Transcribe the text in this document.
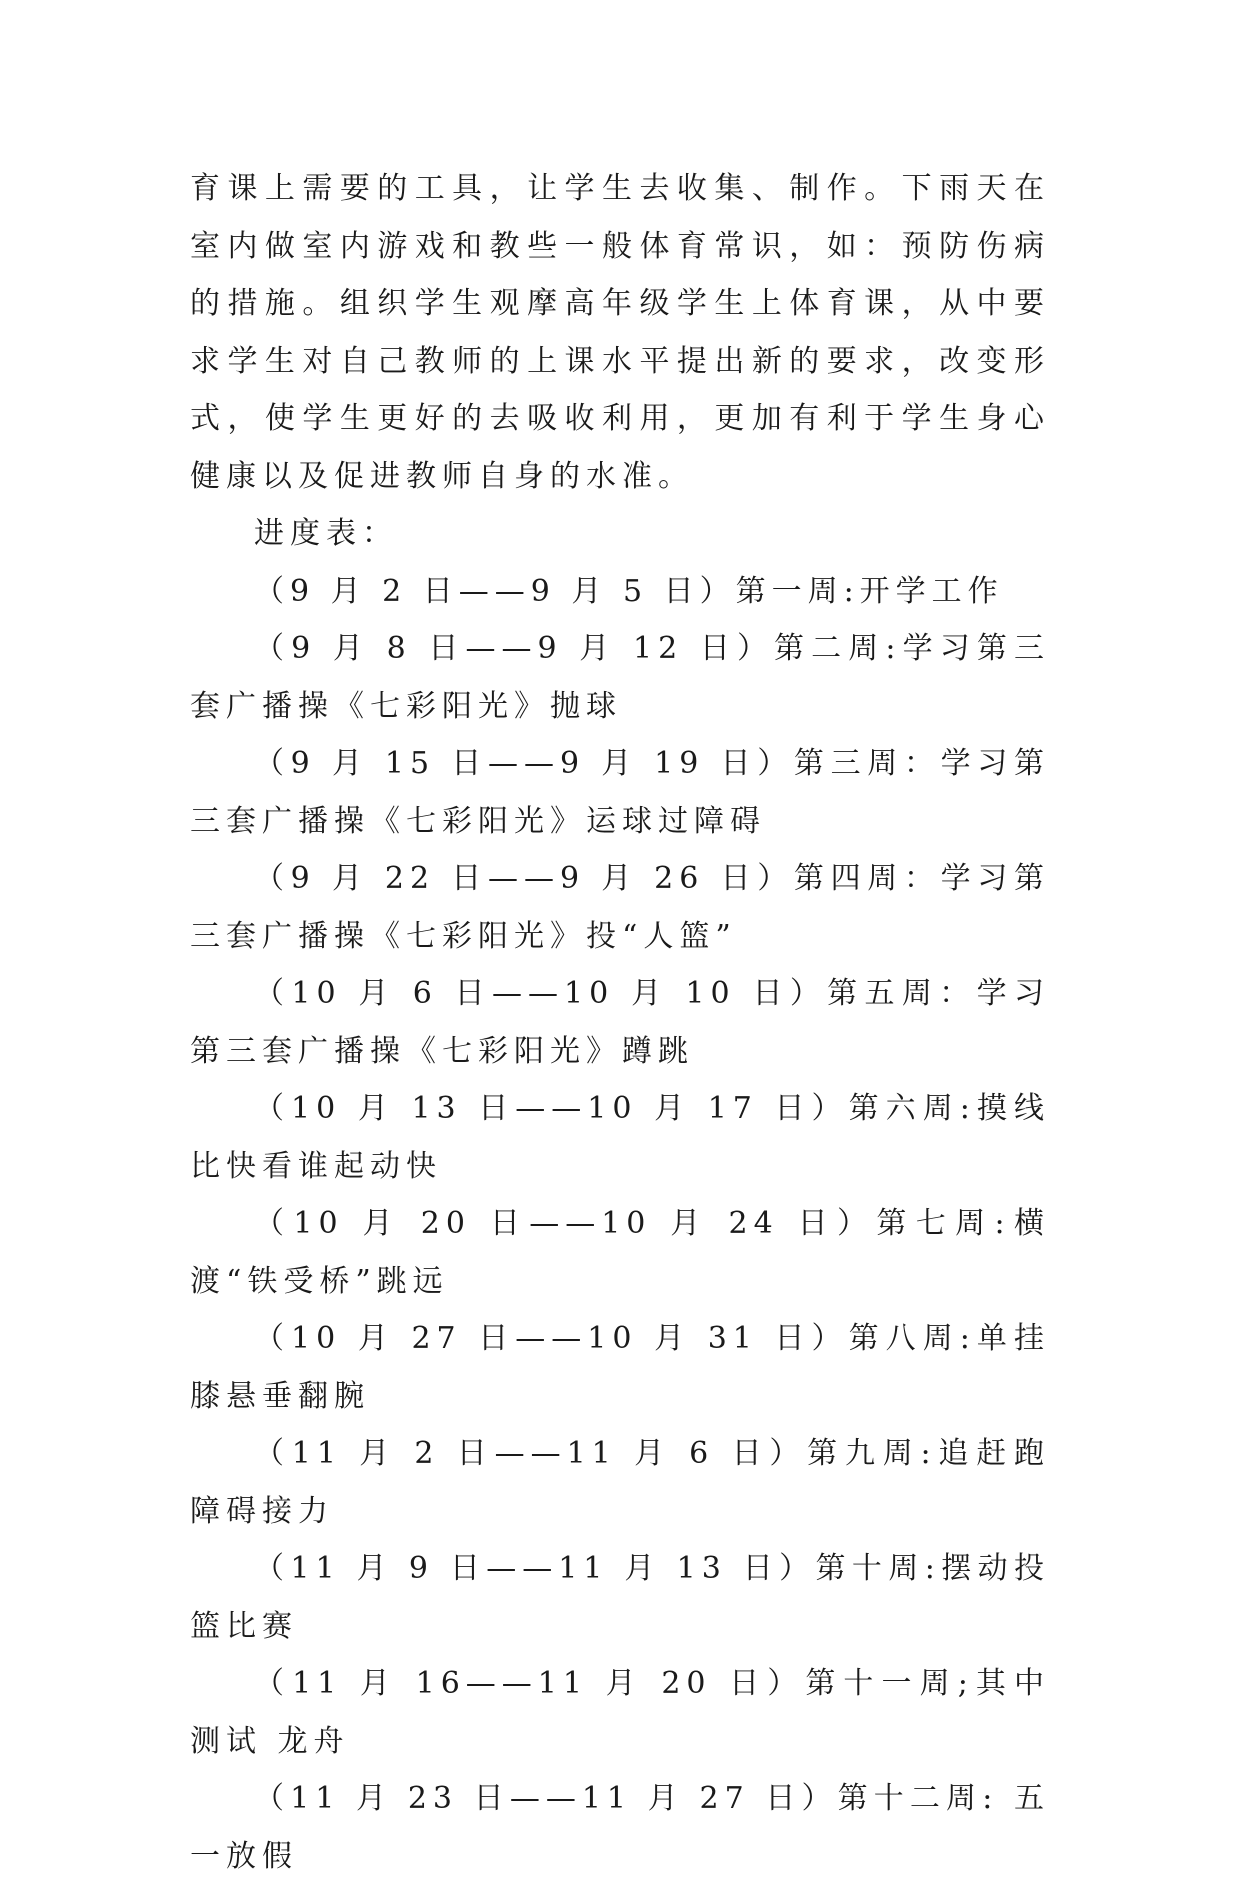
育课上需要的工具，让学生去收集、制作。下雨天在室内做室内游戏和教些一般体育常识，如：预防伤病的措施。组织学生观摩高年级学生上体育课，从中要求学生对自己教师的上课水平提出新的要求，改变形式，使学生更好的去吸收利用，更加有利于学生身心健康以及促进教师自身的水准。

进度表：

（9 月 2 日——9 月 5 日）第一周:开学工作

（9 月 8 日——9 月 12 日）第二周:学习第三套广播操《七彩阳光》抛球

（9 月 15 日——9 月 19 日）第三周：学习第三套广播操《七彩阳光》运球过障碍

（9 月 22 日——9 月 26 日）第四周：学习第三套广播操《七彩阳光》投“人篮”

（10 月 6 日——10 月 10 日）第五周：学习第三套广播操《七彩阳光》蹲跳

（10 月 13 日——10 月 17 日）第六周:摸线比快看谁起动快

（10 月 20 日——10 月 24 日）第七周:横渡“铁受桥”跳远

（10 月 27 日——10 月 31 日）第八周:单挂膝悬垂翻腕

（11 月 2 日——11 月 6 日）第九周:追赶跑障碍接力

（11 月 9 日——11 月 13 日）第十周:摆动投篮比赛

（11 月 16——11 月 20 日）第十一周;其中测试 龙舟

（11 月 23 日——11 月 27 日）第十二周: 五一放假
